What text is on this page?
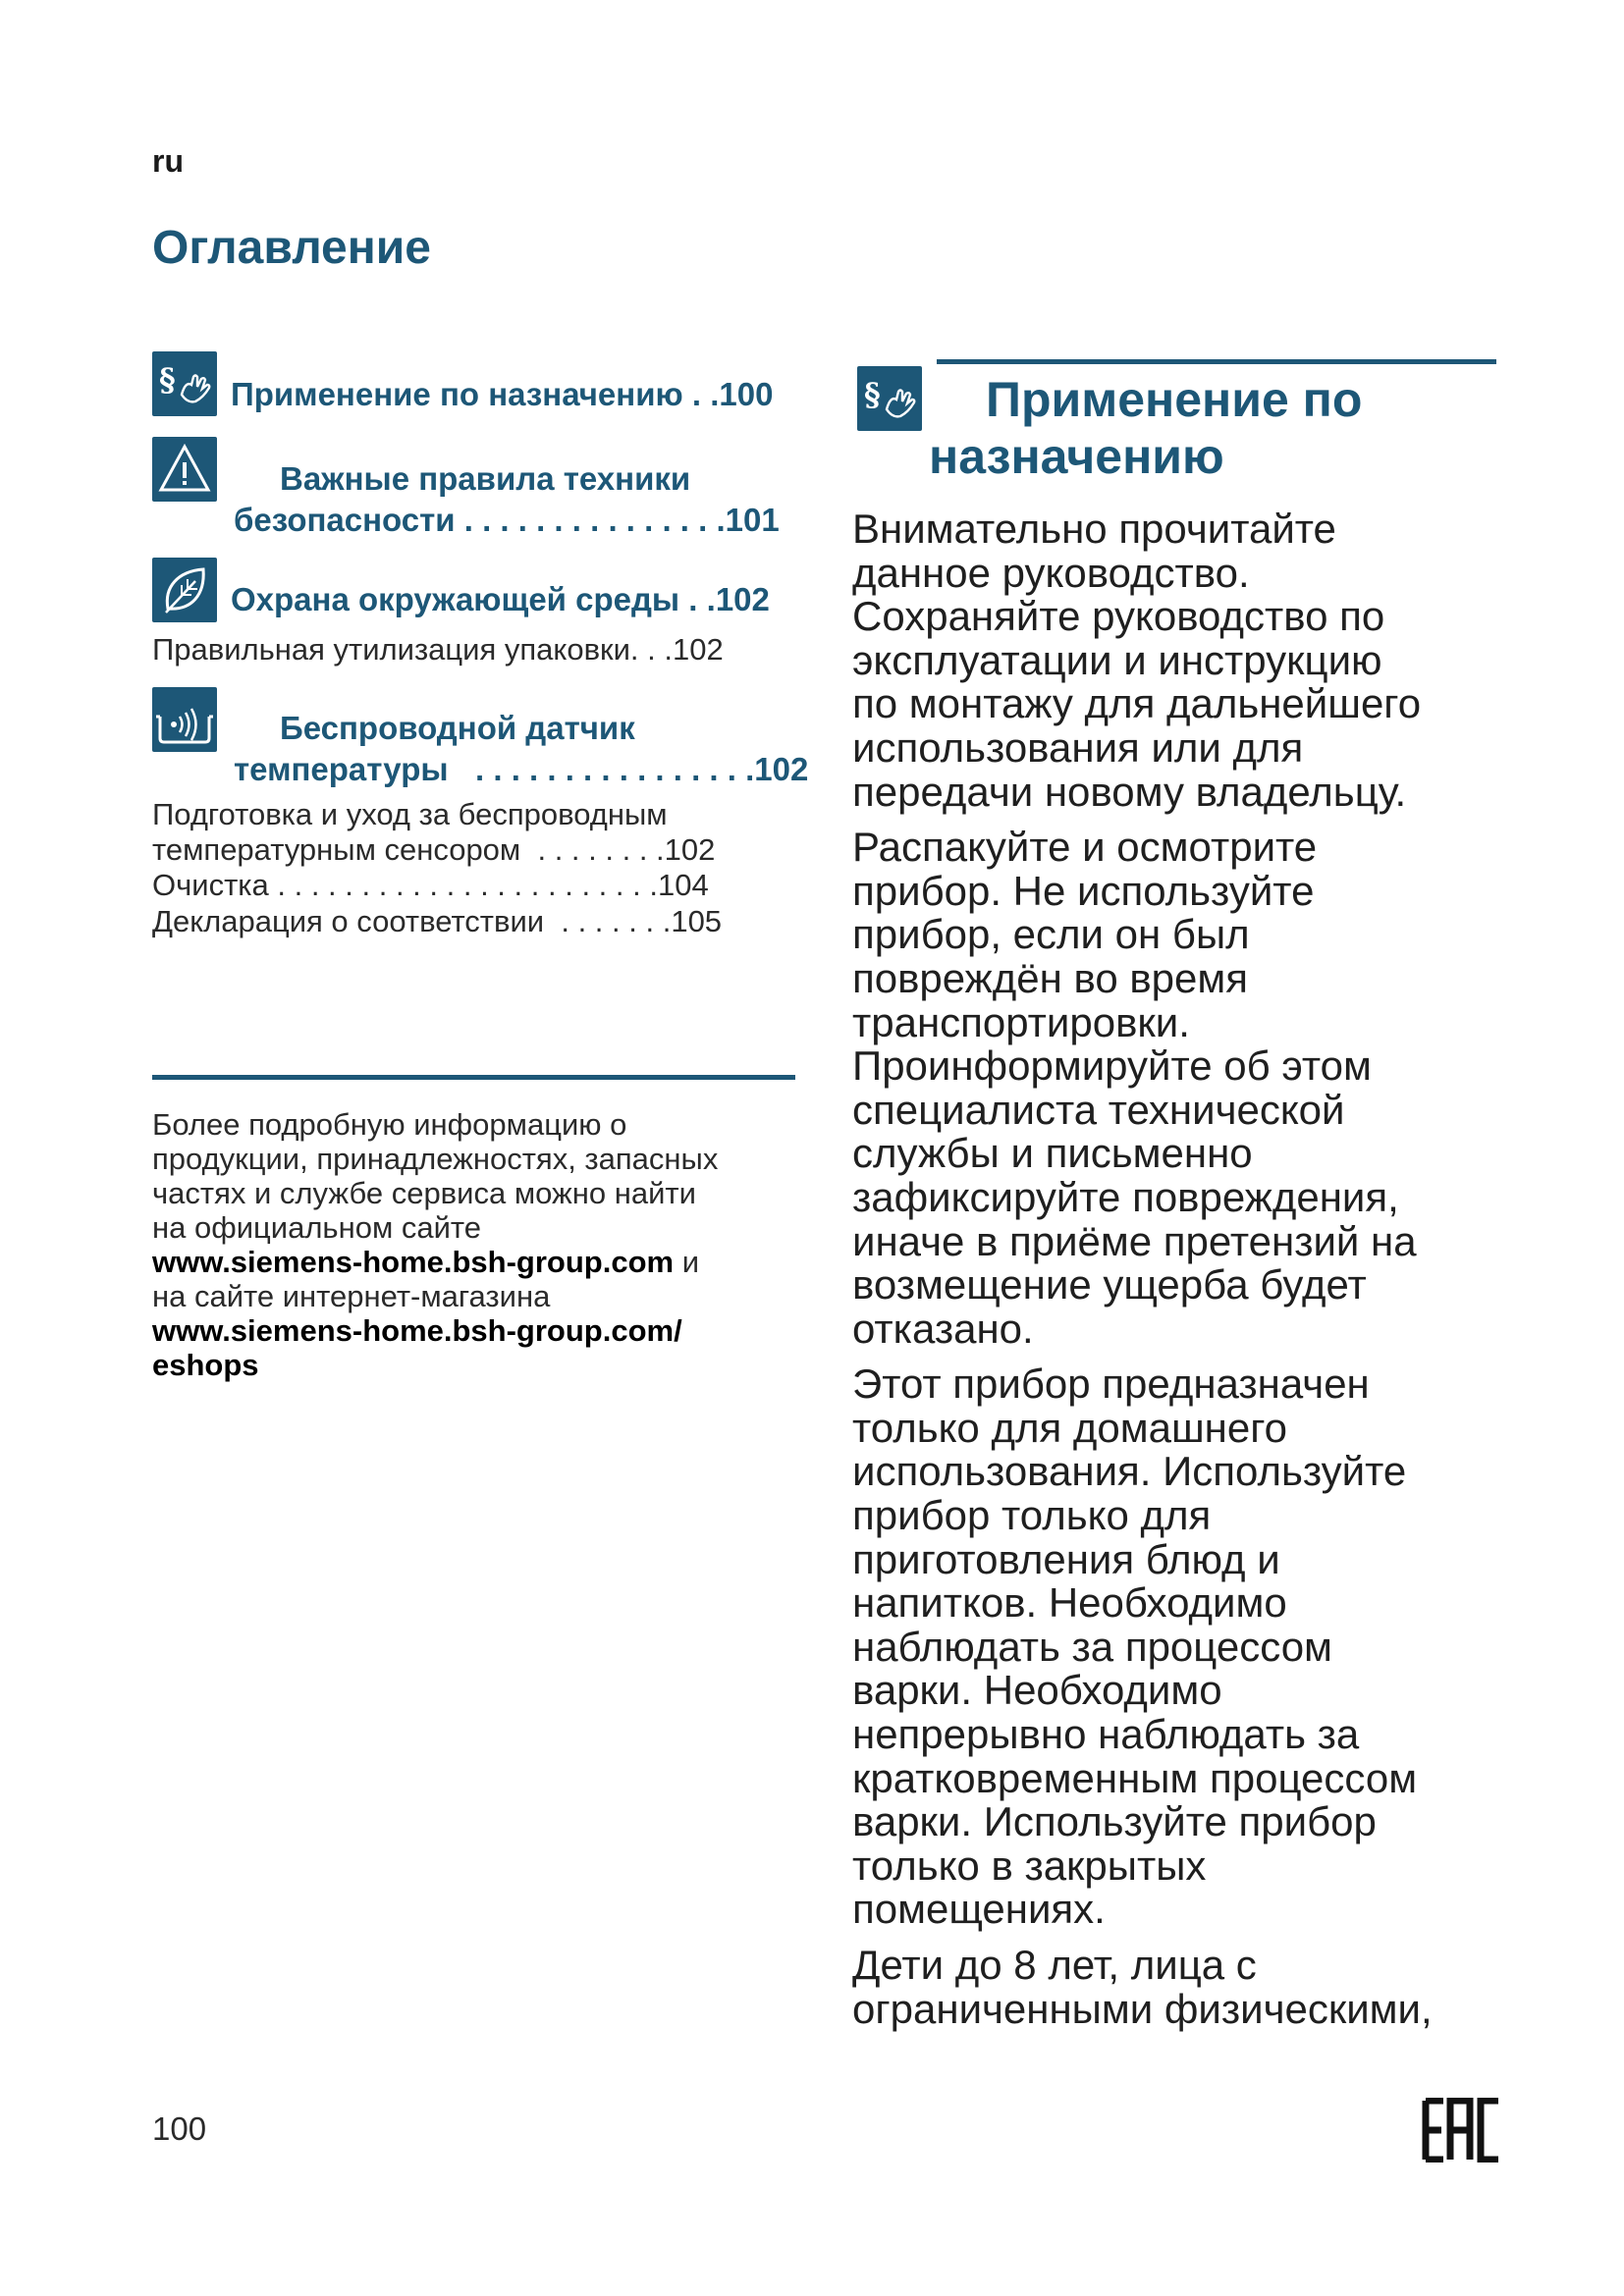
ru
Оглавление
§ Применение по назначению . .100
Важные правила техники
безопасности . . . . . . . . . . . . . . .101
Охрана окружающей среды . .102
Правильная утилизация упаковки. . .102
Беспроводной датчик
температуры   . . . . . . . . . . . . . . . .102
Подготовка и уход за беспроводным
температурным сенсором  . . . . . . . .102
Очистка . . . . . . . . . . . . . . . . . . . . . . .104
Декларация о соответствии  . . . . . . .105
Более подробную информацию о
продукции, принадлежностях, запасных
частях и службе сервиса можно найти
на официальном сайте
www.siemens-home.bsh-group.com и
на сайте интернет-магазина
www.siemens-home.bsh-group.com/
eshops
§	Применение по
назначению

Внимательно прочитайте
данное руководство.
Сохраняйте руководство по
эксплуатации и инструкцию
по монтажу для дальнейшего
использования или для
передачи новому владельцу.

Распакуйте и осмотрите
прибор. Не используйте
прибор, если он был
повреждён во время
транспортировки.
Проинформируйте об этом
специалиста технической
службы и письменно
зафиксируйте повреждения,
иначе в приёме претензий на
возмещение ущерба будет
отказано.

Этот прибор предназначен
только для домашнего
использования. Используйте
прибор только для
приготовления блюд и
напитков. Необходимо
наблюдать за процессом
варки. Необходимо
непрерывно наблюдать за
кратковременным процессом
варки. Используйте прибор
только в закрытых
помещениях.

Дети до 8 лет, лица с
ограниченными физическими,

100
